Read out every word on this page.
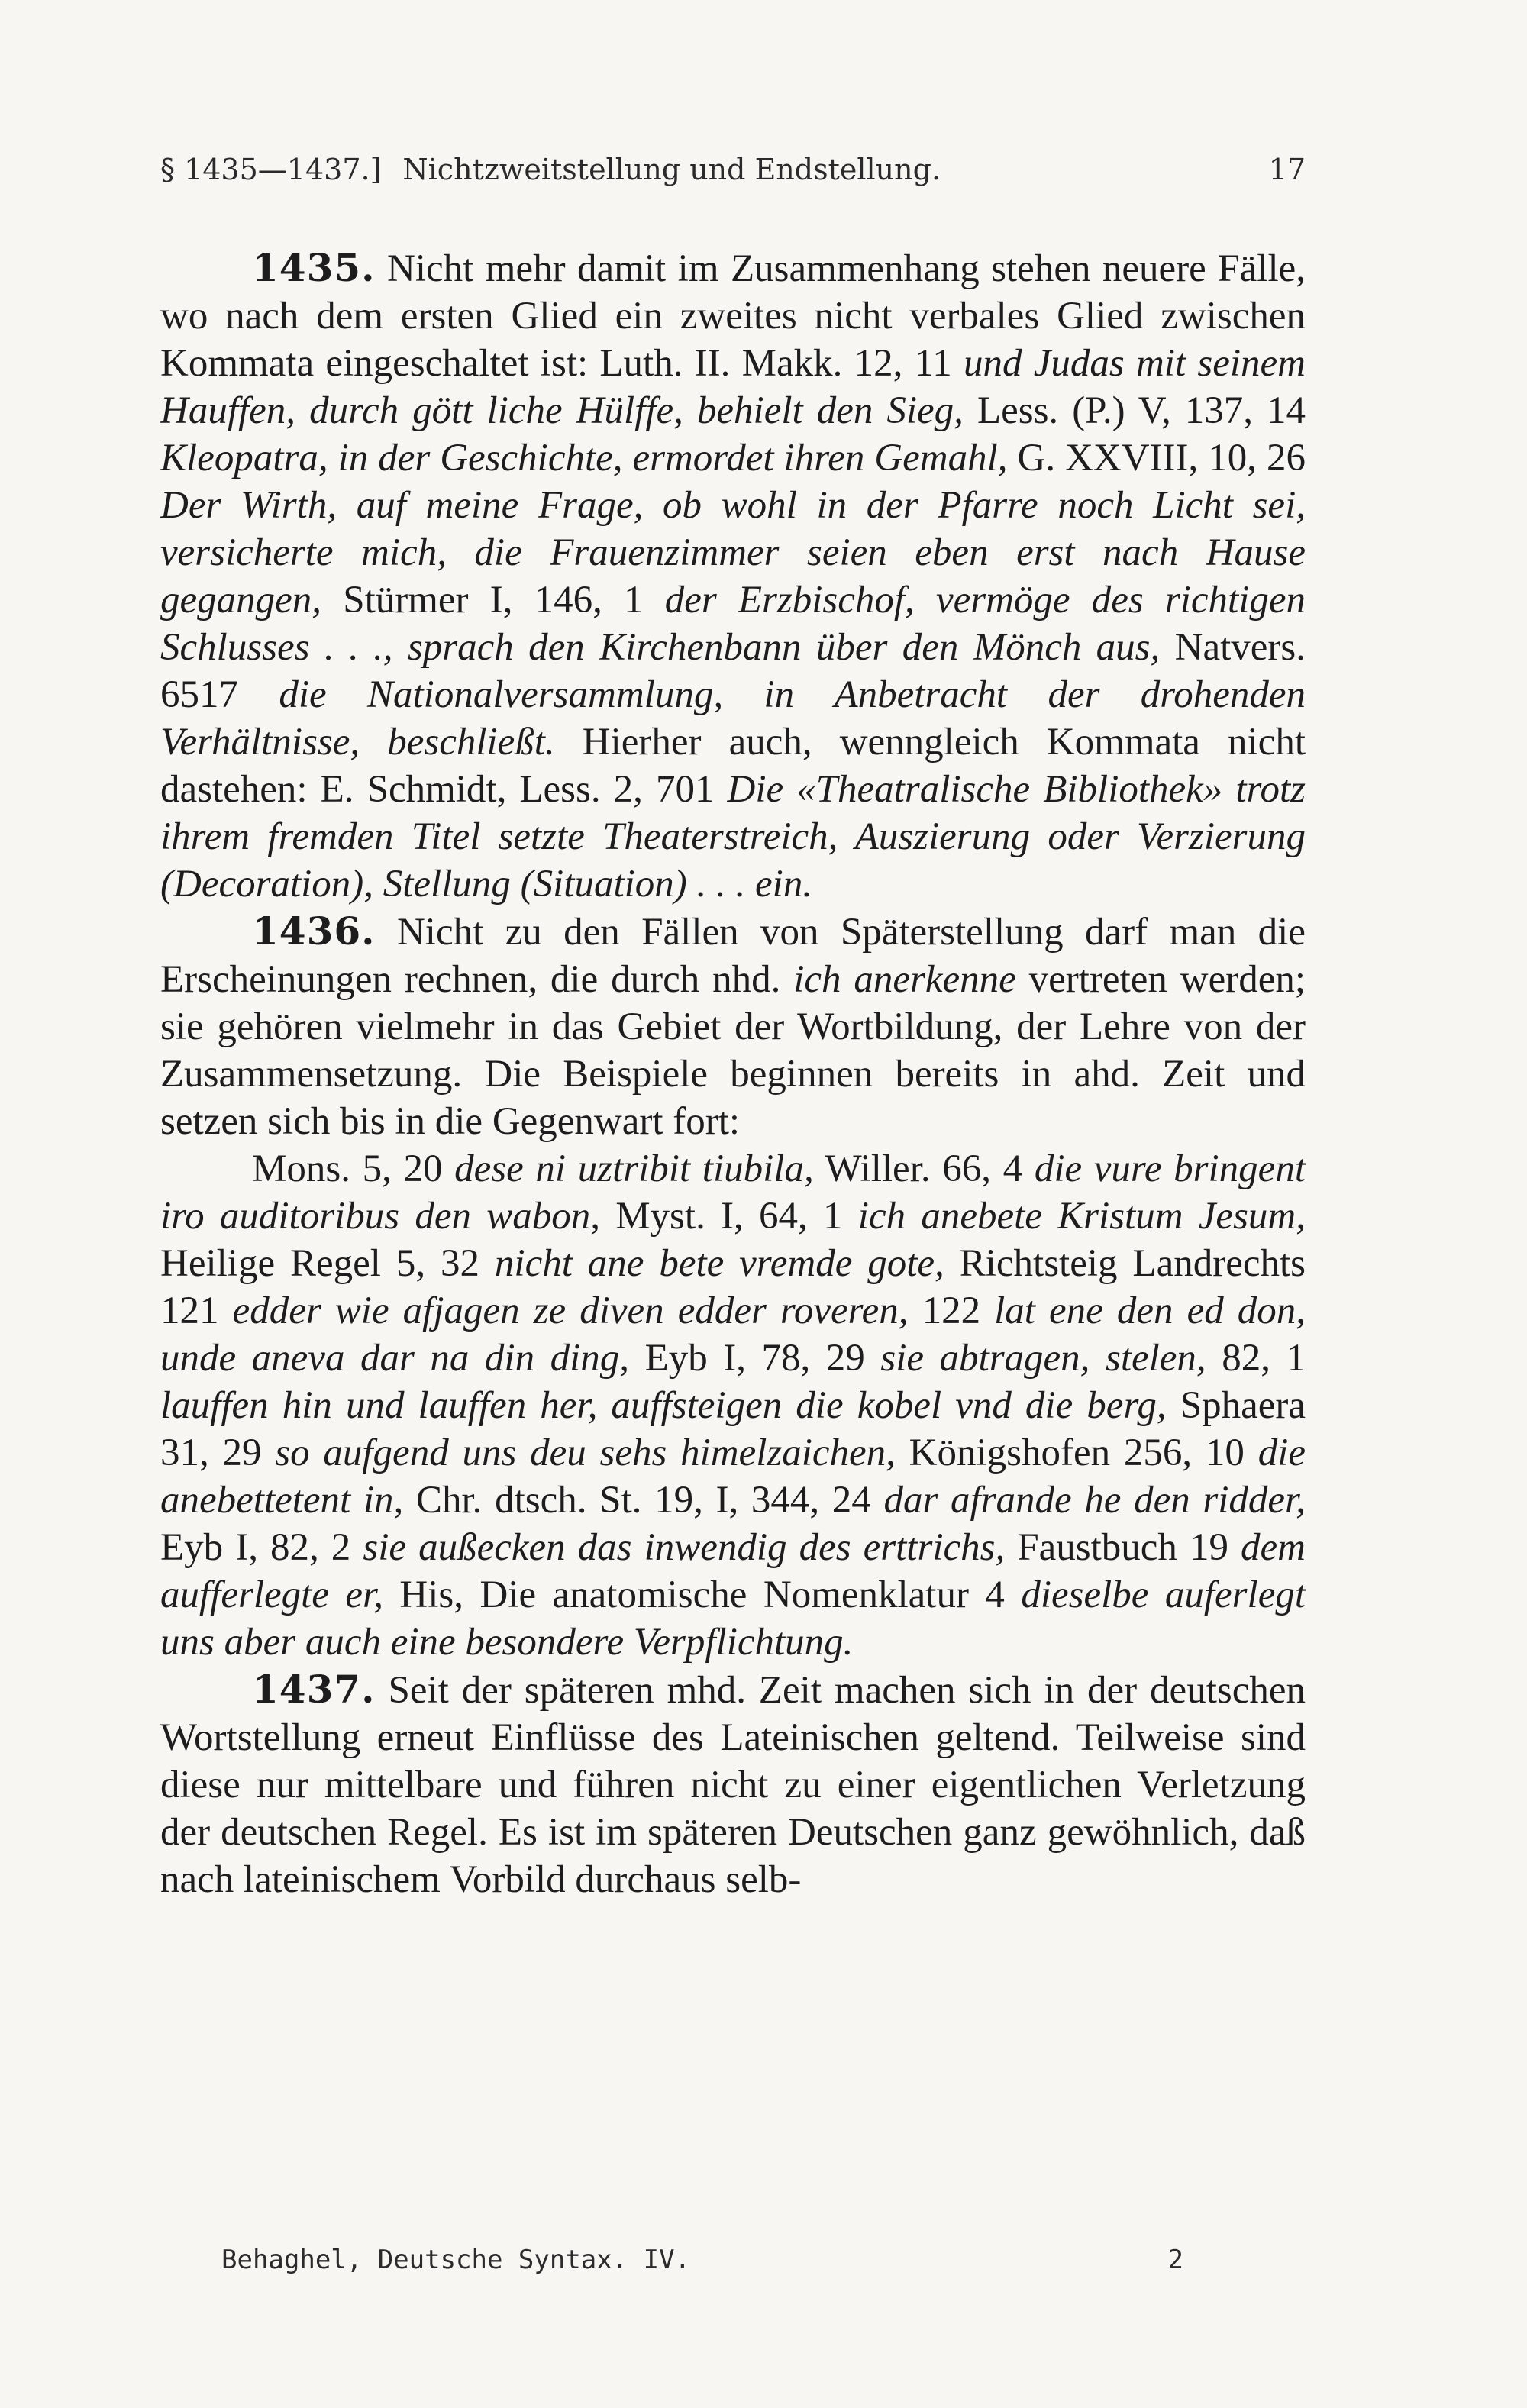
§ 1435—1437.] Nichtzweitstellung und Endstellung.	17

1435. Nicht mehr damit im Zusammenhang stehen neuere Fälle, wo nach dem ersten Glied ein zweites nicht verbales Glied zwischen Kommata eingeschaltet ist: Luth. II. Makk. 12, 11 und Judas mit seinem Hauffen, durch gött liche Hülffe, behielt den Sieg, Less. (P.) V, 137, 14 Kleopatra, in der Geschichte, ermordet ihren Gemahl, G. XXVIII, 10, 26 Der Wirth, auf meine Frage, ob wohl in der Pfarre noch Licht sei, versicherte mich, die Frauenzimmer seien eben erst nach Hause gegangen, Stürmer I, 146, 1 der Erzbischof, vermöge des richtigen Schlusses . . ., sprach den Kirchenbann über den Mönch aus, Natvers. 6517 die Nationalversammlung, in Anbetracht der drohenden Verhältnisse, beschließt. Hierher auch, wenngleich Kommata nicht dastehen: E. Schmidt, Less. 2, 701 Die «Theatralische Bibliothek» trotz ihrem fremden Titel setzte Theaterstreich, Auszierung oder Verzierung (Decoration), Stellung (Situation) . . . ein.

1436. Nicht zu den Fällen von Späterstellung darf man die Erscheinungen rechnen, die durch nhd. ich anerkenne vertreten werden; sie gehören vielmehr in das Gebiet der Wortbildung, der Lehre von der Zusammensetzung. Die Beispiele beginnen bereits in ahd. Zeit und setzen sich bis in die Gegenwart fort:

Mons. 5, 20 dese ni uztribit tiubila, Willer. 66, 4 die vure bringent iro auditoribus den wabon, Myst. I, 64, 1 ich anebete Kristum Jesum, Heilige Regel 5, 32 nicht ane bete vremde gote, Richtsteig Landrechts 121 edder wie afjagen ze diven edder roveren, 122 lat ene den ed don, unde aneva dar na din ding, Eyb I, 78, 29 sie abtragen, stelen, 82, 1 lauffen hin und lauffen her, auffsteigen die kobel vnd die berg, Sphaera 31, 29 so aufgend uns deu sehs himelzaichen, Königshofen 256, 10 die anebettetent in, Chr. dtsch. St. 19, I, 344, 24 dar afrande he den ridder, Eyb I, 82, 2 sie außecken das inwendig des erttrichs, Faustbuch 19 dem aufferlegte er, His, Die anatomische Nomenklatur 4 dieselbe auferlegt uns aber auch eine besondere Verpflichtung.

1437. Seit der späteren mhd. Zeit machen sich in der deutschen Wortstellung erneut Einflüsse des Lateinischen geltend. Teilweise sind diese nur mittelbare und führen nicht zu einer eigentlichen Verletzung der deutschen Regel. Es ist im späteren Deutschen ganz gewöhnlich, daß nach lateinischem Vorbild durchaus selb-

Behaghel, Deutsche Syntax. IV.	2
